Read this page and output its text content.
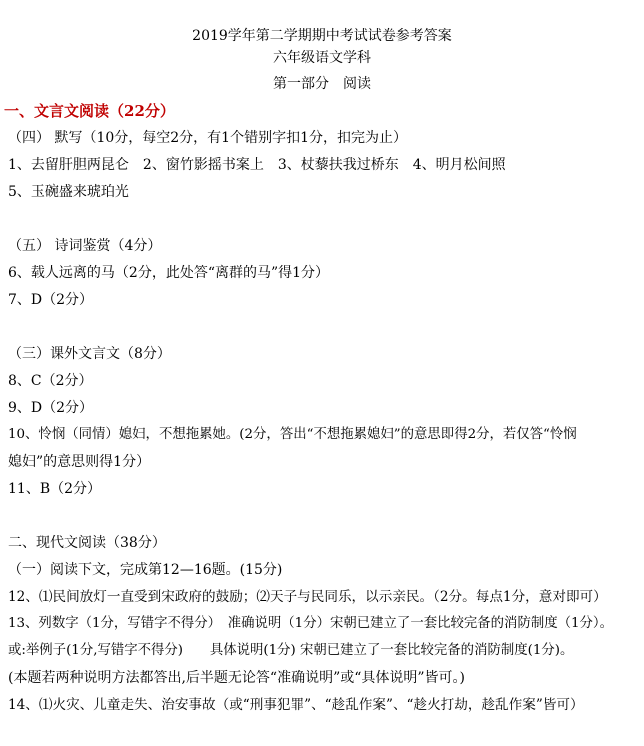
2019学年第二学期期中考试试卷参考答案
六年级语文学科
第一部分　阅读
一、文言文阅读（22分）
（四） 默写（10分，每空2分，有1个错别字扣1分，扣完为止）
1、去留肝胆两昆仑　2、窗竹影摇书案上　3、杖藜扶我过桥东　4、明月松间照
5、玉碗盛来琥珀光
（五） 诗词鉴赏（4分）
6、载人远离的马（2分，此处答“离群的马”得1分）
7、D（2分）
（三）课外文言文（8分）
8、C（2分）
9、D（2分）
10、怜悯（同情）媳妇，不想拖累她。(2分，答出“不想拖累媳妇”的意思即得2分，若仅答“怜悯
媳妇”的意思则得1分）
11、B（2分）
二、现代文阅读（38分）
（一）阅读下文，完成第12—16题。(15分)
12、⑴民间放灯一直受到宋政府的鼓励；⑵天子与民同乐，以示亲民。（2分。每点1分，意对即可）
13、列数字（1分，写错字不得分）　准确说明（1分）宋朝已建立了一套比较完备的消防制度（1分）。
或:举例子(1分,写错字不得分)　　具体说明(1分) 宋朝已建立了一套比较完备的消防制度(1分)。
(本题若两种说明方法都答出,后半题无论答“准确说明”或“具体说明”皆可。)
14、⑴火灾、儿童走失、治安事故（或“刑事犯罪”、“趁乱作案”、“趁火打劫，趁乱作案”皆可）
